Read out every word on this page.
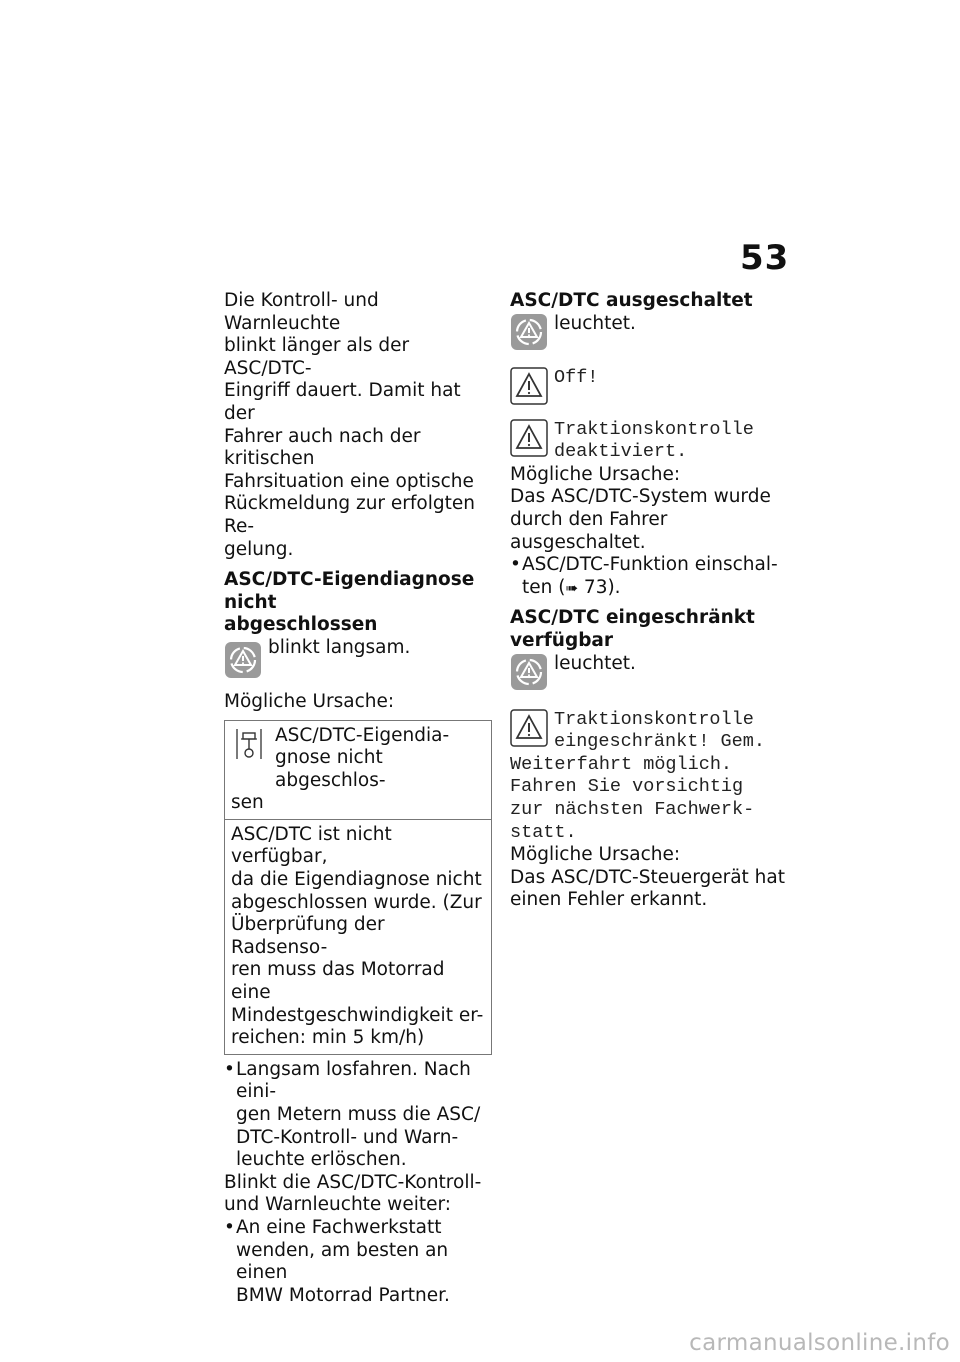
53
Die Kontroll- und Warnleuchte
blinkt länger als der ASC/DTC-
Eingriff dauert. Damit hat der
Fahrer auch nach der kritischen
Fahrsituation eine optische
Rückmeldung zur erfolgten Re-
gelung.
ASC/DTC-Eigendiagnose nicht
abgeschlossen
blinkt langsam.
Mögliche Ursache:
ASC/DTC-Eigendia-
gnose nicht abgeschlos-
sen
ASC/DTC ist nicht verfügbar,
da die Eigendiagnose nicht
abgeschlossen wurde. (Zur
Überprüfung der Radsenso-
ren muss das Motorrad eine
Mindestgeschwindigkeit er-
reichen: min 5 km/h)
• Langsam losfahren. Nach eini-
gen Metern muss die ASC/
DTC-Kontroll- und Warn-
leuchte erlöschen.
Blinkt die ASC/DTC-Kontroll-
und Warnleuchte weiter:
• An eine Fachwerkstatt
wenden, am besten an einen
BMW Motorrad Partner.
ASC/DTC ausgeschaltet
leuchtet.
Off!
Traktionskontrolle
deaktiviert.
Mögliche Ursache:
Das ASC/DTC-System wurde
durch den Fahrer ausgeschaltet.
• ASC/DTC-Funktion einschal-
ten (➠ 73).
ASC/DTC eingeschränkt
verfügbar
leuchtet.
Traktionskontrolle
eingeschränkt! Gem.
Weiterfahrt möglich.
Fahren Sie vorsichtig
zur nächsten Fachwerk-
statt.
Mögliche Ursache:
Das ASC/DTC-Steuergerät hat
einen Fehler erkannt.
carmanualsonline.info
